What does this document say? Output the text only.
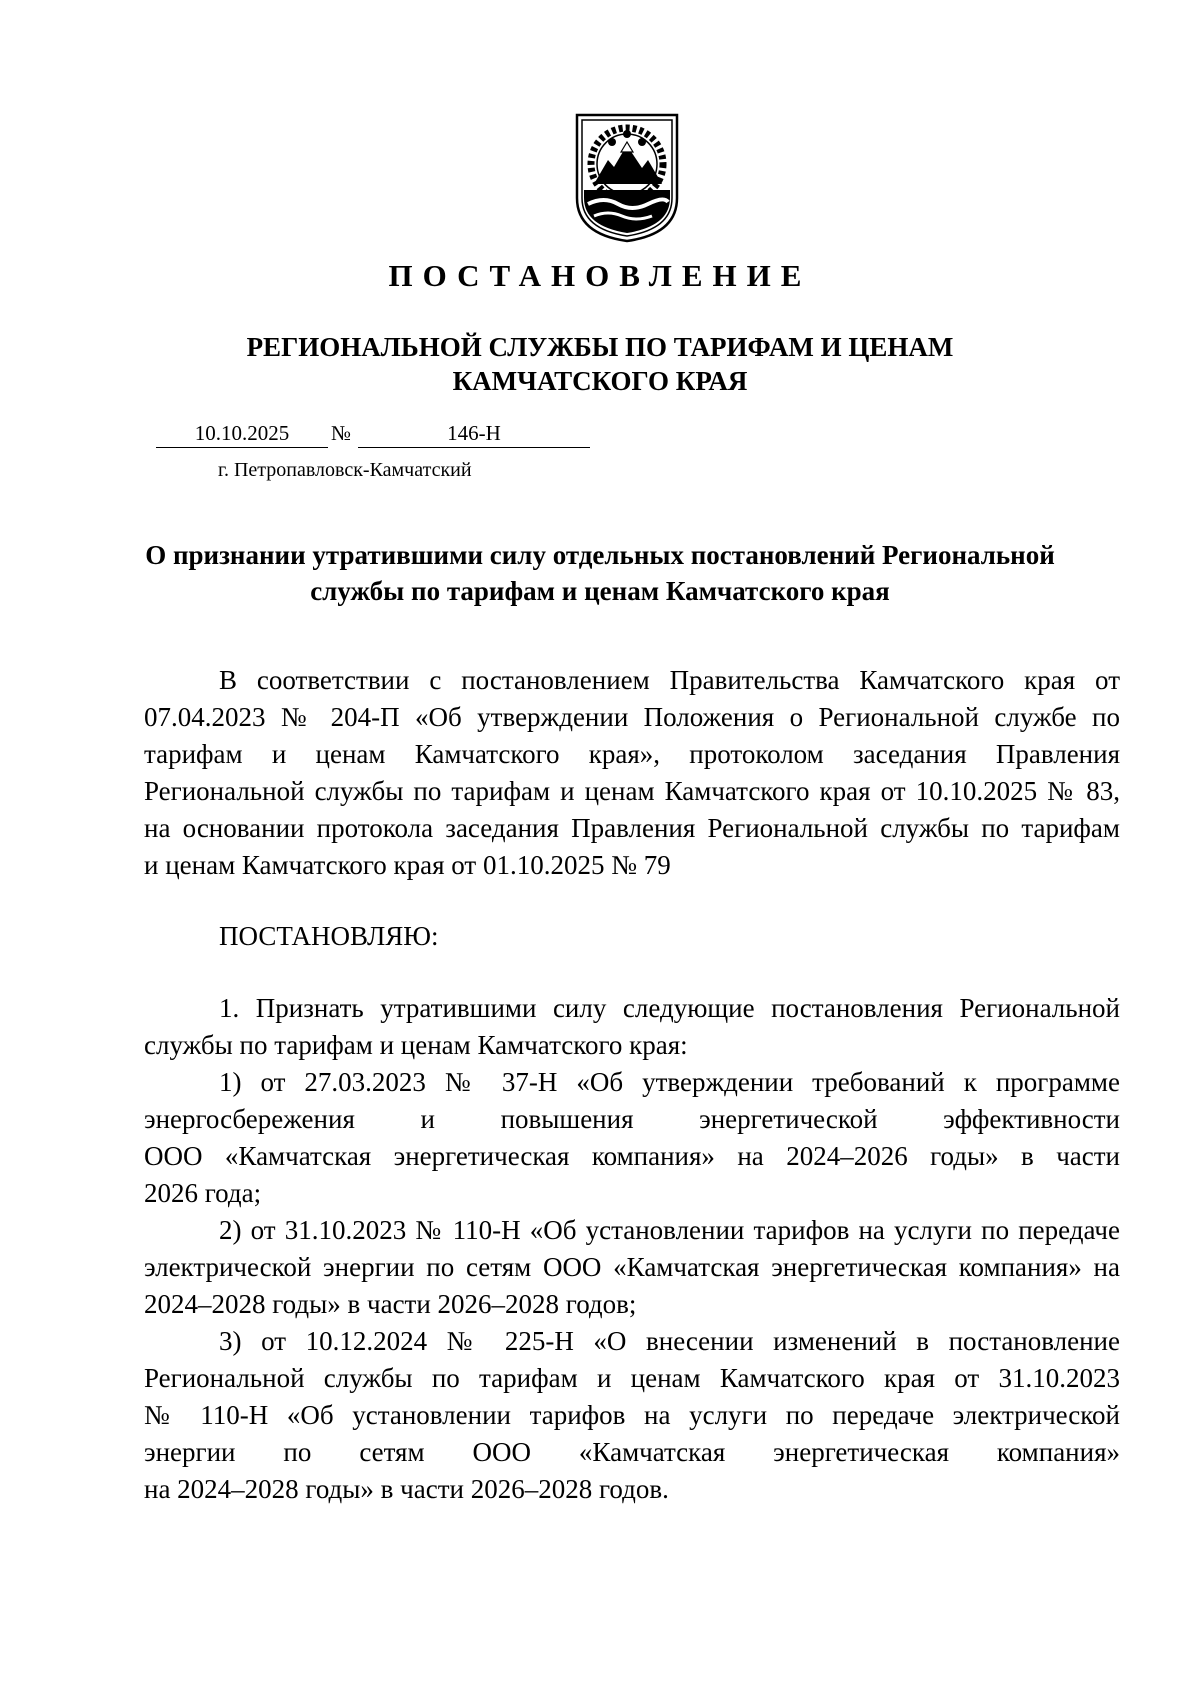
ПОСТАНОВЛЕНИЕ
РЕГИОНАЛЬНОЙ СЛУЖБЫ ПО ТАРИФАМ И ЦЕНАМ
КАМЧАТСКОГО КРАЯ
10.10.2025	№	146-Н
г. Петропавловск-Камчатский
О признании утратившими силу отдельных постановлений Региональной
службы по тарифам и ценам Камчатского края
В соответствии с постановлением Правительства Камчатского края от
07.04.2023 № 204-П «Об утверждении Положения о Региональной службе по
тарифам и ценам Камчатского края», протоколом заседания Правления
Региональной службы по тарифам и ценам Камчатского края от 10.10.2025 № 83,
на основании протокола заседания Правления Региональной службы по тарифам
и ценам Камчатского края от 01.10.2025 № 79
ПОСТАНОВЛЯЮ:
1. Признать утратившими силу следующие постановления Региональной
службы по тарифам и ценам Камчатского края:
1) от 27.03.2023 № 37-Н «Об утверждении требований к программе
энергосбережения и повышения энергетической эффективности
ООО «Камчатская энергетическая компания» на 2024–2026 годы» в части
2026 года;
2) от 31.10.2023 № 110-Н «Об установлении тарифов на услуги по передаче
электрической энергии по сетям ООО «Камчатская энергетическая компания» на
2024–2028 годы» в части 2026–2028 годов;
3) от 10.12.2024 № 225-Н «О внесении изменений в постановление
Региональной службы по тарифам и ценам Камчатского края от 31.10.2023
№ 110-Н «Об установлении тарифов на услуги по передаче электрической
энергии по сетям ООО «Камчатская энергетическая компания»
на 2024–2028 годы» в части 2026–2028 годов.
